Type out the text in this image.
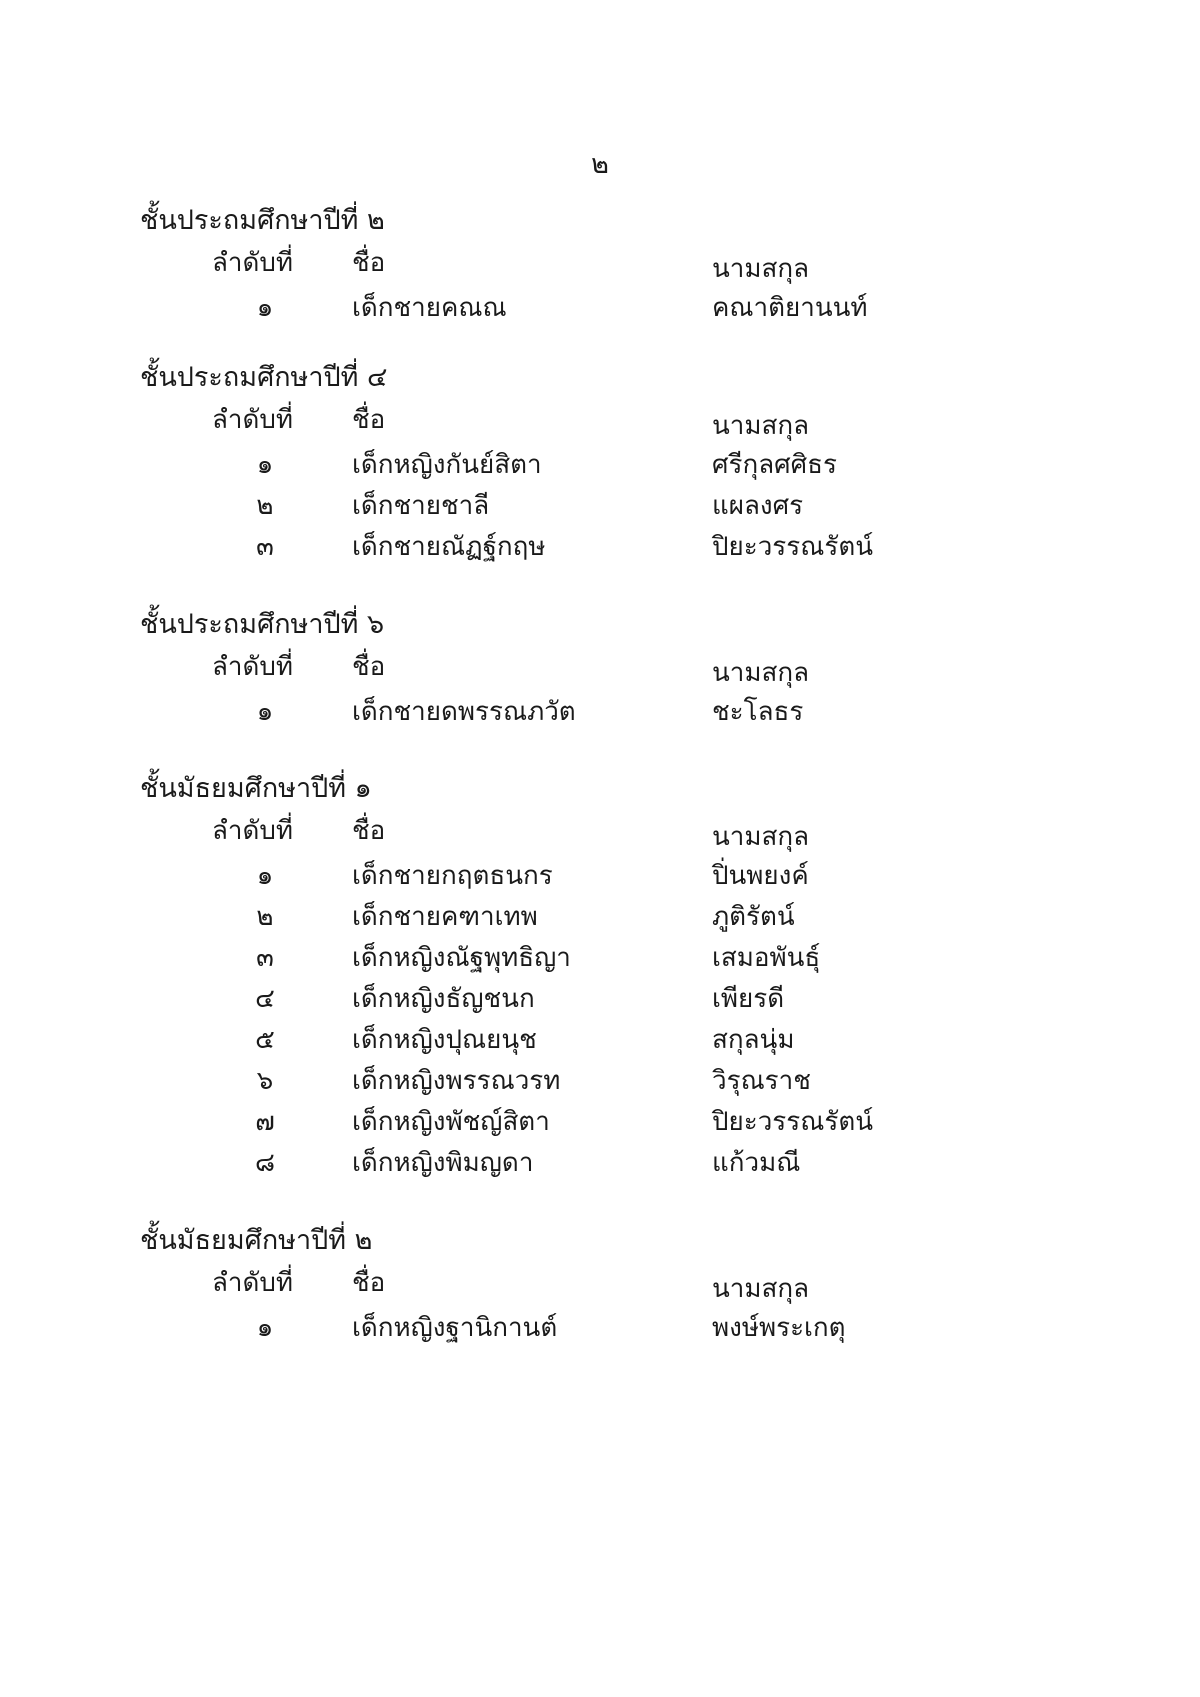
๒
ชั้นประถมศึกษาปีที่ ๒
ลำดับที่ ชื่อ	นามสกุล
๑	เด็กชายคณณ	คณาติยานนท์
ชั้นประถมศึกษาปีที่ ๔
ลำดับที่ ชื่อ	นามสกุล
๑	เด็กหญิงกันย์สิตา	ศรีกุลศศิธร
๒	เด็กชายชาลี	แผลงศร
๓	เด็กชายณัฏฐ์กฤษ	ปิยะวรรณรัตน์
ชั้นประถมศึกษาปีที่ ๖
ลำดับที่ ชื่อ	นามสกุล
๑	เด็กชายดพรรณภวัต	ชะโลธร
ชั้นมัธยมศึกษาปีที่ ๑
ลำดับที่ ชื่อ	นามสกุล
๑	เด็กชายกฤตธนกร	ปิ่นพยงค์
๒	เด็กชายคฑาเทพ	ภูติรัตน์
๓	เด็กหญิงณัฐพุทธิญา	เสมอพันธุ์
๔	เด็กหญิงธัญชนก	เพียรดี
๕	เด็กหญิงปุณยนุช	สกุลนุ่ม
๖	เด็กหญิงพรรณวรท	วิรุณราช
๗	เด็กหญิงพัชญ์สิตา	ปิยะวรรณรัตน์
๘	เด็กหญิงพิมญดา	แก้วมณี
ชั้นมัธยมศึกษาปีที่ ๒
ลำดับที่ ชื่อ	นามสกุล
๑	เด็กหญิงฐานิกานต์	พงษ์พระเกตุ
